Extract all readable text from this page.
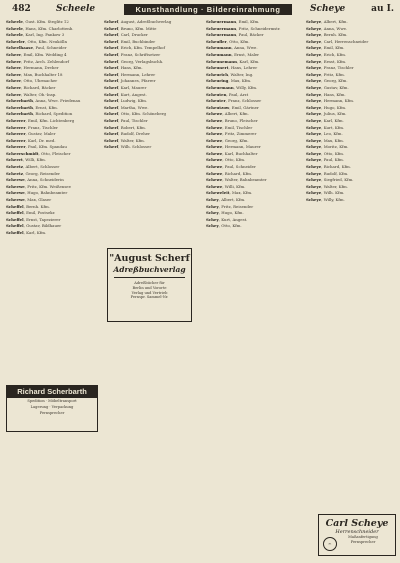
482	Scheele	Kunsthandlung · Bildereinrahmung	Scheye	au I.
Scheele, Gust. Kfm. Steglitz 12
Scheele, Hans, Kfm. Charlottenb.
Scheele, Karl, Ing. Pankow 3
Scheeler, Otto, Kfm. Neukölln
Scheelhaase, Paul, Schneider
Scheer, Emil, Kfm. Wedding 4
Scheer, Fritz, Arch. Zehlendorf
Scheer, Hermann, Dreher
Scheer, Max, Buchhalter 18
Scheer, Otto, Uhrmacher
Scheer, Richard, Bäcker
Scheer, Walter, Ob.-Insp.
Scheerbarth, Anna, Wwe. Friedenau
Scheerbarth, Ernst, Kfm.
Scheerbarth, Richard, Spedition
Scheerer, Emil, Kfm. Lichtenberg
Scheerer, Franz, Tischler
Scheerer, Gustav, Maler
Scheerer, Karl, Dr. med.
Scheerer, Paul, Kfm. Spandau
Scheerschmidt, Otto, Fleischer
Scheert, Willi, Kfm.
Scheetz, Albert, Schlosser
Scheetz, Georg, Reisender
Scheewe, Anna, Schneiderin
Scheewe, Fritz, Kfm. Weißensee
Scheewe, Hugo, Bahnbeamter
Scheewe, Max, Glaser
Scheffel, Bernh. Kfm.
Scheffel, Emil, Postsekr.
Scheffel, Ernst, Tapezierer
Scheffel, Gustav, Bildhauer
Scheffel, Karl, Kfm.
Scherf, August, Adreßbuchverlag
Scherf, Bruno, Kfm. Mitte
Scherf, Carl, Drucker
Scherf, Emil, Buchbinder
Scherf, Erich, Kfm. Tempelhof
Scherf, Franz, Schriftsetzer
Scherf, Georg, Verlagsbuchh.
Scherf, Hans, Kfm.
Scherf, Hermann, Lehrer
Scherf, Johannes, Pfarrer
Scherf, Karl, Maurer
Scherf, Kurt, Angest.
Scherf, Ludwig, Kfm.
Scherf, Martha, Wwe.
Scherf, Otto, Kfm. Schöneberg
Scherf, Paul, Tischler
Scherf, Robert, Kfm.
Scherf, Rudolf, Dreher
Scherf, Walter, Kfm.
Scherf, Wilh. Schlosser
Scheuermann, Emil, Kfm.
Scheuermann, Fritz, Schneidermstr.
Scheuermann, Paul, Bäcker
Scheufler, Otto, Kfm.
Scheumann, Anna, Wwe.
Scheumann, Ernst, Maler
Scheunemann, Karl, Kfm.
Scheunert, Hans, Lehrer
Scheurich, Walter, Ing.
Scheuring, Max, Kfm.
Scheurmann, Willy, Kfm.
Scheuten, Paul, Arzt
Scheuter, Franz, Schlosser
Scheutzow, Emil, Gärtner
Schewe, Albert, Kfm.
Schewe, Bruno, Fleischer
Schewe, Emil, Tischler
Schewe, Fritz, Zimmerer
Schewe, Georg, Kfm.
Schewe, Hermann, Maurer
Schewe, Karl, Buchhalter
Schewe, Otto, Kfm.
Schewe, Paul, Schneider
Schewe, Richard, Kfm.
Schewe, Walter, Bahnbeamter
Schewe, Willi, Kfm.
Scheweleit, Max, Kfm.
Schey, Albert, Kfm.
Schey, Fritz, Reisender
Schey, Hugo, Kfm.
Schey, Kurt, Angest.
Schey, Otto, Kfm.
Scheye, Albert, Kfm.
Scheye, Anna, Wwe.
Scheye, Bernh. Kfm.
Scheye, Carl, Herrenschneider
Scheye, Emil, Kfm.
Scheye, Erich, Kfm.
Scheye, Ernst, Kfm.
Scheye, Franz, Tischler
Scheye, Fritz, Kfm.
Scheye, Georg, Kfm.
Scheye, Gustav, Kfm.
Scheye, Hans, Kfm.
Scheye, Hermann, Kfm.
Scheye, Hugo, Kfm.
Scheye, Julius, Kfm.
Scheye, Karl, Kfm.
Scheye, Kurt, Kfm.
Scheye, Leo, Kfm.
Scheye, Max, Kfm.
Scheye, Moritz, Kfm.
Scheye, Otto, Kfm.
Scheye, Paul, Kfm.
Scheye, Richard, Kfm.
Scheye, Rudolf, Kfm.
Scheye, Siegfried, Kfm.
Scheye, Walter, Kfm.
Scheye, Wilh. Kfm.
Scheye, Willy, Kfm.
"August Scherf
Adreßbuchverlag
Adreßbücher für
Berlin und Vororte
Verlag und Vertrieb
Fernspr. Sammel-Nr.
Richard Scherbarth
Spedition · Möbeltransport
Lagerung · Verpackung
Fernsprecher
Carl Scheye
Herrenschneider
✂
Maßanfertigung
Fernsprecher
